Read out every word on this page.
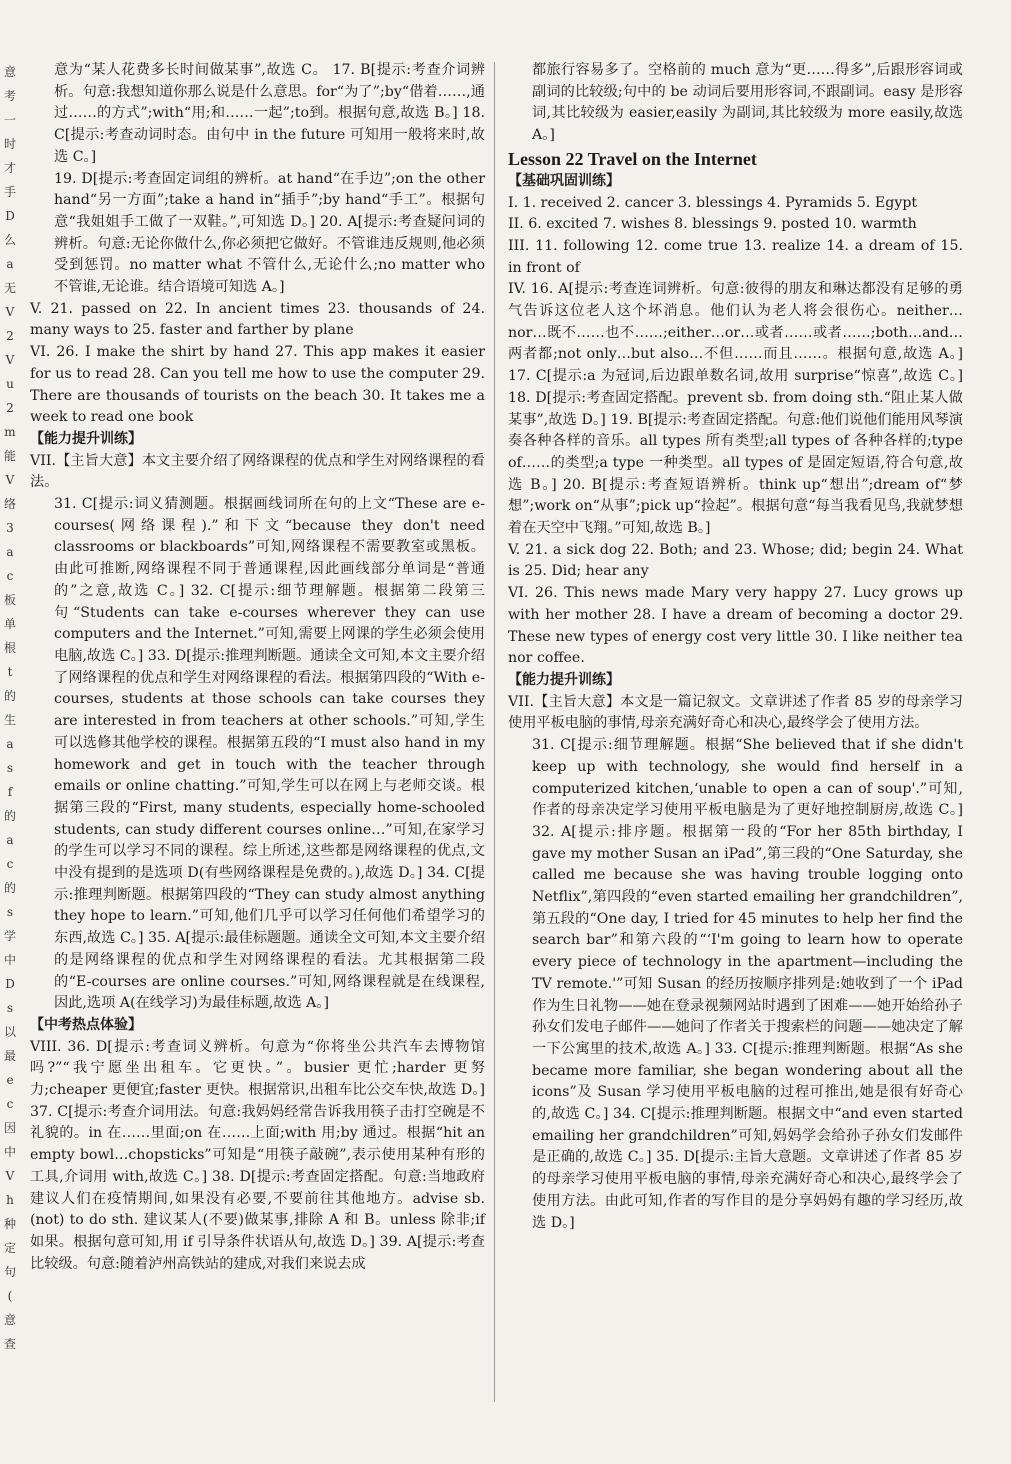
意
考
一
时
才
手
D
么
a
无
V
2
V
u
2
m
能
V
络
3
a
c
板
单
根
t
的
生
a
s
f
的
a
c
的
s
学
中
D
s
以
最
e
c
因
中
V
h
种
定
句
(
意
查

意为“某人花费多长时间做某事”,故选 C。 17. B[提示:考查介词辨析。句意:我想知道你那么说是什么意思。for“为了”;by“借着……,通过……的方式”;with“用;和……一起”;to到。根据句意,故选 B。] 18. C[提示:考查动词时态。由句中 in the future 可知用一般将来时,故选 C。]

19. D[提示:考查固定词组的辨析。at hand“在手边”;on the other hand“另一方面”;take a hand in“插手”;by hand“手工”。根据句意“我姐姐手工做了一双鞋。”,可知选 D。] 20. A[提示:考查疑问词的辨析。句意:无论你做什么,你必须把它做好。不管谁违反规则,他必须受到惩罚。no matter what 不管什么,无论什么;no matter who 不管谁,无论谁。结合语境可知选 A。]

V. 21. passed on 22. In ancient times 23. thousands of 24. many ways to 25. faster and farther by plane

VI. 26. I make the shirt by hand 27. This app makes it easier for us to read 28. Can you tell me how to use the computer 29. There are thousands of tourists on the beach 30. It takes me a week to read one book

【能力提升训练】

VII.【主旨大意】本文主要介绍了网络课程的优点和学生对网络课程的看法。

31. C[提示:词义猜测题。根据画线词所在句的上文“These are e-courses(网络课程).”和下文“because they don't need classrooms or blackboards”可知,网络课程不需要教室或黑板。由此可推断,网络课程不同于普通课程,因此画线部分单词是“普通的”之意,故选 C。] 32. C[提示:细节理解题。根据第二段第三句“Students can take e-courses wherever they can use computers and the Internet.”可知,需要上网课的学生必须会使用电脑,故选 C。] 33. D[提示:推理判断题。通读全文可知,本文主要介绍了网络课程的优点和学生对网络课程的看法。根据第四段的“With e-courses, students at those schools can take courses they are interested in from teachers at other schools.”可知,学生可以选修其他学校的课程。根据第五段的“I must also hand in my homework and get in touch with the teacher through emails or online chatting.”可知,学生可以在网上与老师交谈。根据第三段的“First, many students, especially home-schooled students, can study different courses online…”可知,在家学习的学生可以学习不同的课程。综上所述,这些都是网络课程的优点,文中没有提到的是选项 D(有些网络课程是免费的。),故选 D。] 34. C[提示:推理判断题。根据第四段的“They can study almost anything they hope to learn.”可知,他们几乎可以学习任何他们希望学习的东西,故选 C。] 35. A[提示:最佳标题题。通读全文可知,本文主要介绍的是网络课程的优点和学生对网络课程的看法。尤其根据第二段的“E-courses are online courses.”可知,网络课程就是在线课程,因此,选项 A(在线学习)为最佳标题,故选 A。]

【中考热点体验】

VIII. 36. D[提示:考查词义辨析。句意为“你将坐公共汽车去博物馆吗?”“我宁愿坐出租车。它更快。”。busier 更忙;harder 更努力;cheaper 更便宜;faster 更快。根据常识,出租车比公交车快,故选 D。] 37. C[提示:考查介词用法。句意:我妈妈经常告诉我用筷子击打空碗是不礼貌的。in 在……里面;on 在……上面;with 用;by 通过。根据“hit an empty bowl…chopsticks”可知是“用筷子敲碗”,表示使用某种有形的工具,介词用 with,故选 C。] 38. D[提示:考查固定搭配。句意:当地政府建议人们在疫情期间,如果没有必要,不要前往其他地方。advise sb. (not) to do sth. 建议某人(不要)做某事,排除 A 和 B。unless 除非;if 如果。根据句意可知,用 if 引导条件状语从句,故选 D。] 39. A[提示:考查比较级。句意:随着泸州高铁站的建成,对我们来说去成

都旅行容易多了。空格前的 much 意为“更……得多”,后跟形容词或副词的比较级;句中的 be 动词后要用形容词,不跟副词。easy 是形容词,其比较级为 easier,easily 为副词,其比较级为 more easily,故选 A。]

Lesson 22 Travel on the Internet

【基础巩固训练】

I. 1. received 2. cancer 3. blessings 4. Pyramids 5. Egypt

II. 6. excited 7. wishes 8. blessings 9. posted 10. warmth

III. 11. following 12. come true 13. realize 14. a dream of 15. in front of

IV. 16. A[提示:考查连词辨析。句意:彼得的朋友和琳达都没有足够的勇气告诉这位老人这个坏消息。他们认为老人将会很伤心。neither…nor…既不……也不……;either…or…或者……或者……;both…and…两者都;not only…but also…不但……而且……。根据句意,故选 A。] 17. C[提示:a 为冠词,后边跟单数名词,故用 surprise“惊喜”,故选 C。] 18. D[提示:考查固定搭配。prevent sb. from doing sth.“阻止某人做某事”,故选 D。] 19. B[提示:考查固定搭配。句意:他们说他们能用风琴演奏各种各样的音乐。all types 所有类型;all types of 各种各样的;type of……的类型;a type 一种类型。all types of 是固定短语,符合句意,故选 B。] 20. B[提示:考查短语辨析。think up“想出”;dream of“梦想”;work on“从事”;pick up“捡起”。根据句意“每当我看见鸟,我就梦想着在天空中飞翔。”可知,故选 B。]

V. 21. a sick dog 22. Both; and 23. Whose; did; begin 24. What is 25. Did; hear any

VI. 26. This news made Mary very happy 27. Lucy grows up with her mother 28. I have a dream of becoming a doctor 29. These new types of energy cost very little 30. I like neither tea nor coffee.

【能力提升训练】

VII.【主旨大意】本文是一篇记叙文。文章讲述了作者 85 岁的母亲学习使用平板电脑的事情,母亲充满好奇心和决心,最终学会了使用方法。

31. C[提示:细节理解题。根据“She believed that if she didn't keep up with technology, she would find herself in a computerized kitchen,‘unable to open a can of soup'.”可知,作者的母亲决定学习使用平板电脑是为了更好地控制厨房,故选 C。] 32. A[提示:排序题。根据第一段的“For her 85th birthday, I gave my mother Susan an iPad”,第三段的“One Saturday, she called me because she was having trouble logging onto Netflix”,第四段的“even started emailing her grandchildren”,第五段的“One day, I tried for 45 minutes to help her find the search bar”和第六段的“‘I'm going to learn how to operate every piece of technology in the apartment—including the TV remote.'”可知 Susan 的经历按顺序排列是:她收到了一个 iPad 作为生日礼物——她在登录视频网站时遇到了困难——她开始给孙子孙女们发电子邮件——她问了作者关于搜索栏的问题——她决定了解一下公寓里的技术,故选 A。] 33. C[提示:推理判断题。根据“As she became more familiar, she began wondering about all the icons”及 Susan 学习使用平板电脑的过程可推出,她是很有好奇心的,故选 C。] 34. C[提示:推理判断题。根据文中“and even started emailing her grandchildren”可知,妈妈学会给孙子孙女们发邮件是正确的,故选 C。] 35. D[提示:主旨大意题。文章讲述了作者 85 岁的母亲学习使用平板电脑的事情,母亲充满好奇心和决心,最终学会了使用方法。由此可知,作者的写作目的是分享妈妈有趣的学习经历,故选 D。]
